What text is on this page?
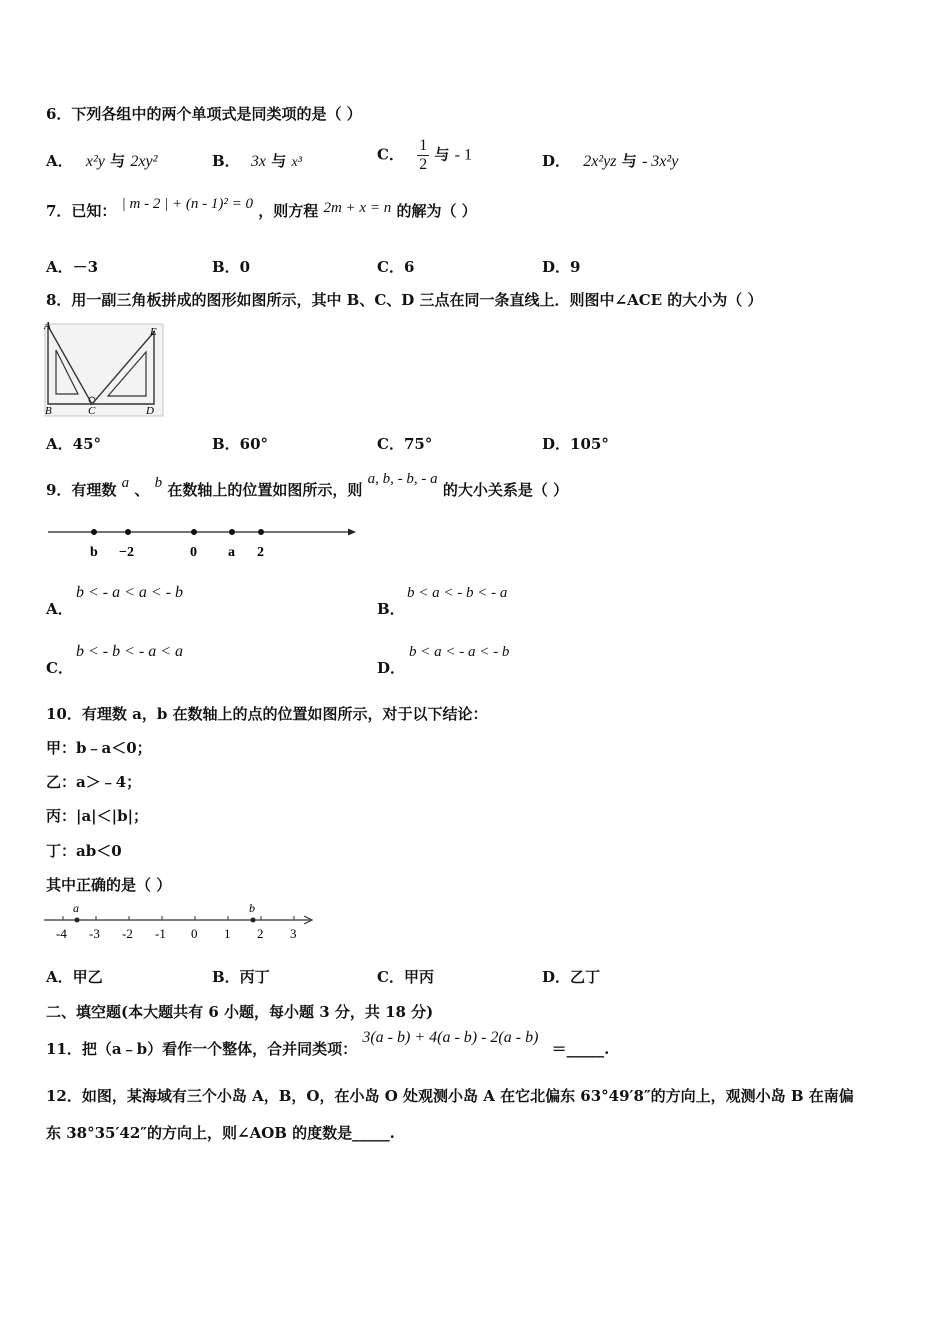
6．下列各组中的两个单项式是同类项的是（ ）
A． x²y 与 2xy²	B． 3x 与 x³	C． $\frac{1}{2}$ 与 - 1	D． 2x²yz 与 - 3x²y
7．已知： | m - 2 | + (n - 1)² = 0 ，则方程 2m + x = n 的解为（ ）
A．－3	B．0	C．6	D．9
8．用一副三角板拼成的图形如图所示，其中 B、C、D 三点在同一条直线上．则图中∠ACE 的大小为（ ）
A	E
B	C	D
A．45°	B．60°	C．75°	D．105°
9．有理数 a 、 b 在数轴上的位置如图所示，则 a, b, - b, - a 的大小关系是（ ）
b −2	0 a 2
A．
b < - a < a < - b
B．
b < a < - b < - a
C．
b < - b < - a < a
D．
b < a < - a < - b
10．有理数 a，b 在数轴上的点的位置如图所示，对于以下结论：
甲：b﹣a＜0；
乙：a＞﹣4；
丙：|a|＜|b|；
丁：ab＜0
其中正确的是（ ）
a	b
-4 -3 -2 -1 0 1 2 3
A．甲乙	B．丙丁	C．甲丙	D．乙丁
二、填空题(本大题共有 6 小题，每小题 3 分，共 18 分)
11．把（a﹣b）看作一个整体，合并同类项： 3(a - b) + 4(a - b) - 2(a - b) ＝_____.
12．如图，某海域有三个小岛 A，B，O，在小岛 O 处观测小岛 A 在它北偏东 63°49′8″的方向上，观测小岛 B 在南偏
东 38°35′42″的方向上，则∠AOB 的度数是_____.
